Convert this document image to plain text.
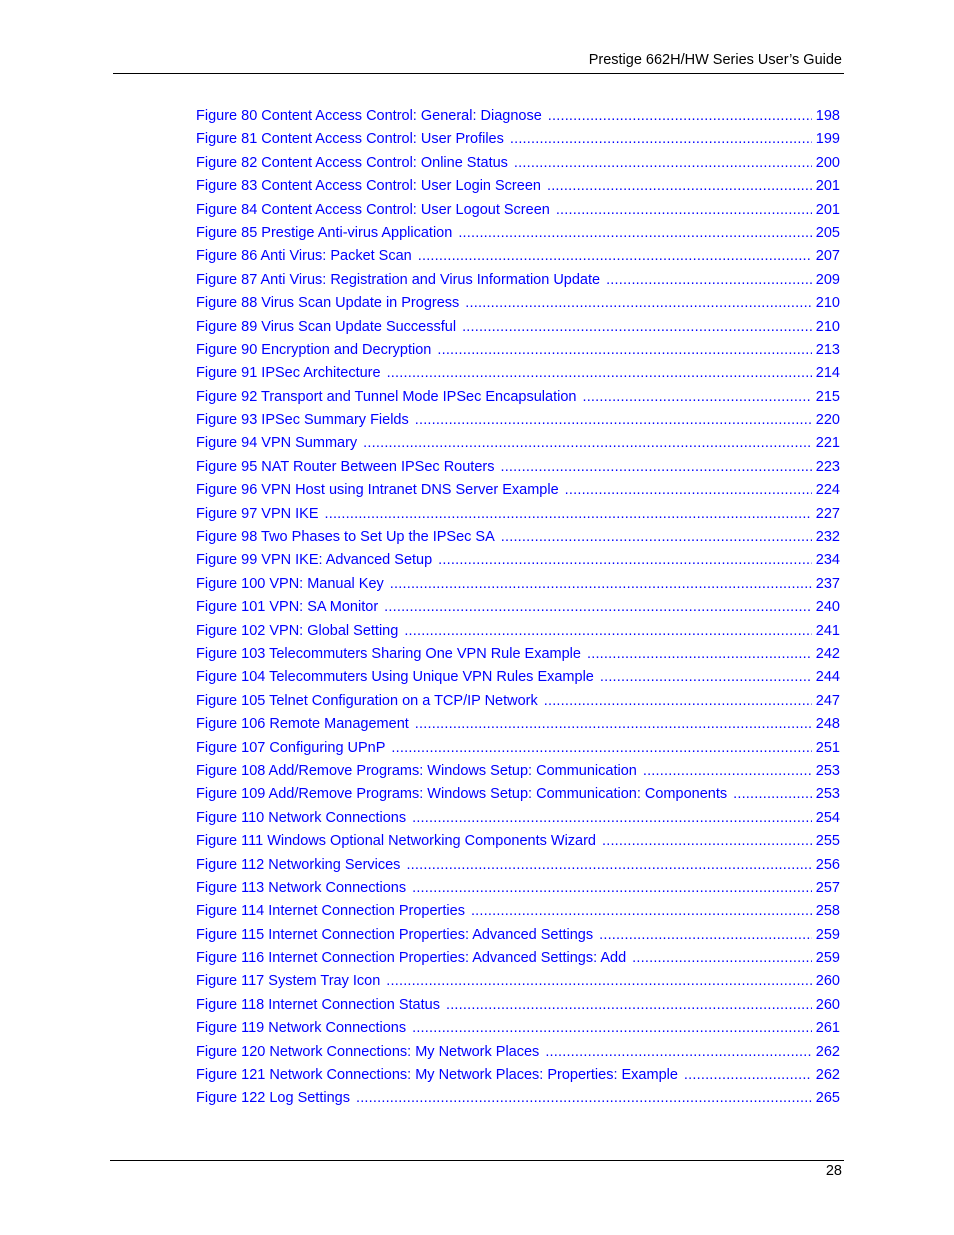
Prestige 662H/HW Series User’s Guide
Figure 80 Content Access Control: General: Diagnose .....	198
Figure 81 Content Access Control: User Profiles .....	199
Figure 82 Content Access Control: Online Status .....	200
Figure 83 Content Access Control: User Login Screen .....	201
Figure 84 Content Access Control: User Logout Screen .....	201
Figure 85 Prestige Anti-virus Application .....	205
Figure 86 Anti Virus: Packet Scan .....	207
Figure 87 Anti Virus: Registration and Virus Information Update .....	209
Figure 88 Virus Scan Update in Progress .....	210
Figure 89 Virus Scan Update Successful .....	210
Figure 90 Encryption and Decryption .....	213
Figure 91 IPSec Architecture .....	214
Figure 92 Transport and Tunnel Mode IPSec Encapsulation .....	215
Figure 93 IPSec Summary Fields .....	220
Figure 94 VPN Summary .....	221
Figure 95 NAT Router Between IPSec Routers .....	223
Figure 96 VPN Host using Intranet DNS Server Example .....	224
Figure 97 VPN IKE .....	227
Figure 98 Two Phases to Set Up the IPSec SA .....	232
Figure 99 VPN IKE: Advanced Setup .....	234
Figure 100 VPN: Manual Key .....	237
Figure 101 VPN: SA Monitor .....	240
Figure 102 VPN: Global Setting .....	241
Figure 103 Telecommuters Sharing One VPN Rule Example .....	242
Figure 104 Telecommuters Using Unique VPN Rules Example .....	244
Figure 105 Telnet Configuration on a TCP/IP Network .....	247
Figure 106 Remote Management .....	248
Figure 107 Configuring UPnP .....	251
Figure 108 Add/Remove Programs: Windows Setup: Communication .....	253
Figure 109 Add/Remove Programs: Windows Setup: Communication: Components .....	253
Figure 110 Network Connections .....	254
Figure 111 Windows Optional Networking Components Wizard .....	255
Figure 112 Networking Services .....	256
Figure 113 Network Connections .....	257
Figure 114 Internet Connection Properties .....	258
Figure 115 Internet Connection Properties: Advanced Settings .....	259
Figure 116 Internet Connection Properties: Advanced Settings: Add .....	259
Figure 117 System Tray Icon .....	260
Figure 118 Internet Connection Status .....	260
Figure 119 Network Connections .....	261
Figure 120 Network Connections: My Network Places .....	262
Figure 121 Network Connections: My Network Places: Properties: Example .....	262
Figure 122 Log Settings .....	265
28
